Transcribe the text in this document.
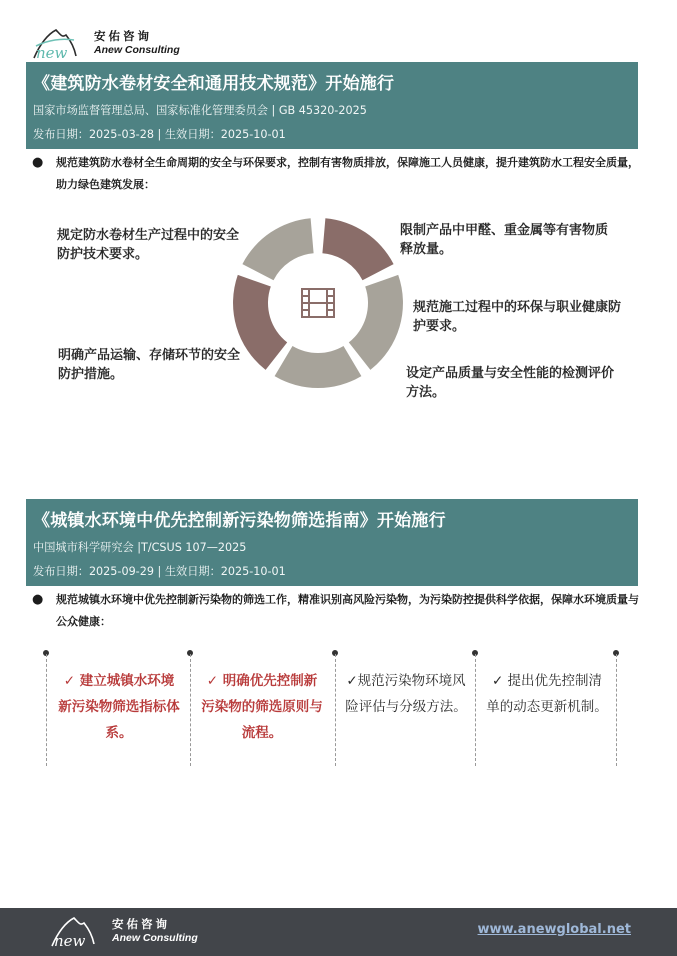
new
安佑咨询
Anew Consulting
《建筑防水卷材安全和通用技术规范》开始施行
国家市场监督管理总局、国家标准化管理委员会 | GB 45320-2025
发布日期：2025-03-28 | 生效日期：2025-10-01
●	规范建筑防水卷材全生命周期的安全与环保要求，控制有害物质排放，保障施工人员健康，提升建筑防水工程安全质量，助力绿色建筑发展：
规定防水卷材生产过程中的安全防护技术要求。
限制产品中甲醛、重金属等有害物质释放量。
规范施工过程中的环保与职业健康防护要求。
设定产品质量与安全性能的检测评价方法。
明确产品运输、存储环节的安全防护措施。
《城镇水环境中优先控制新污染物筛选指南》开始施行
中国城市科学研究会 |T/CSUS 107—2025
发布日期：2025-09-29 | 生效日期：2025-10-01
●	规范城镇水环境中优先控制新污染物的筛选工作，精准识别高风险污染物，为污染防控提供科学依据，保障水环境质量与公众健康：
✓ 建立城镇水环境新污染物筛选指标体系。
✓ 明确优先控制新污染物的筛选原则与流程。
✓规范污染物环境风险评估与分级方法。
✓ 提出优先控制清单的动态更新机制。
new
安佑咨询
Anew Consulting
www.anewglobal.net
